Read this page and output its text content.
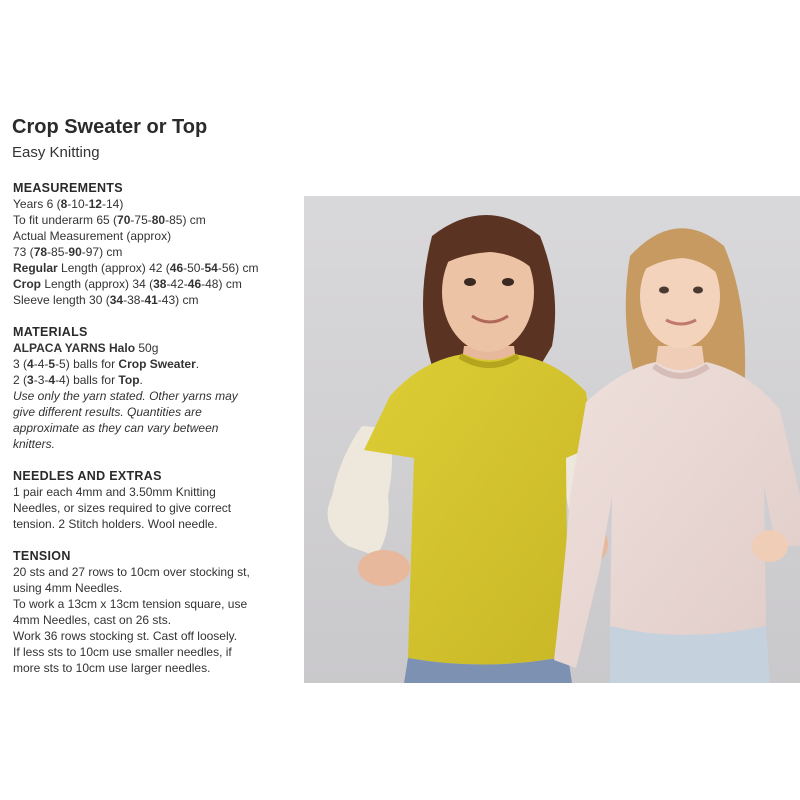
Crop Sweater or Top
Easy Knitting
MEASUREMENTS
Years 6 (8-10-12-14)
To fit underarm 65 (70-75-80-85) cm
Actual Measurement (approx)
73 (78-85-90-97) cm
Regular Length (approx) 42 (46-50-54-56) cm
Crop Length (approx) 34 (38-42-46-48) cm
Sleeve length 30 (34-38-41-43) cm
MATERIALS
ALPACA YARNS Halo 50g
3 (4-4-5-5) balls for Crop Sweater.
2 (3-3-4-4) balls for Top.
Use only the yarn stated. Other yarns may
give different results. Quantities are
approximate as they can vary between
knitters.
NEEDLES AND EXTRAS
1 pair each 4mm and 3.50mm Knitting
Needles, or sizes required to give correct
tension. 2 Stitch holders. Wool needle.
TENSION
20 sts and 27 rows to 10cm over stocking st,
using 4mm Needles.
To work a 13cm x 13cm tension square, use
4mm Needles, cast on 26 sts.
Work 36 rows stocking st. Cast off loosely.
If less sts to 10cm use smaller needles, if
more sts to 10cm use larger needles.
